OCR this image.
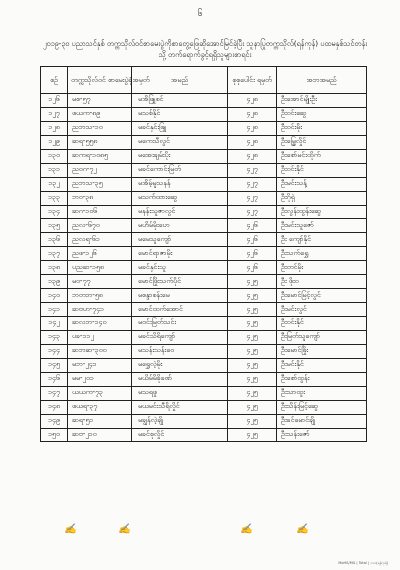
၆
၂၀၁၉-၃၀ ပညာသင်နှစ် တက္ကသိုလ်ဝင်စာမေးပွဲကိုစာတွေ့ဖြေဆိုအောင်မြင်ခဲ့ပြီး သူနာပြုတက္ကသိုလ်(ရန်ကုန်) ပထမနှစ်သင်တန်းသို့ တက်ရောက်ခွင့်ရရှိသူများစာရင်း
စဉ်	တက္ကသိုလ်ဝင် စာမေးပွဲခုံအမှတ်	အမည်	စုစုပေါင်း ရမှတ်	အဘအမည်
၁၂၆	မစ-၅၇	မအိဖြူစင်	၄၂၈	ဦးအောင်မျိုးဦး
၁၂၇	ဖယက-၈၉	မသစ်နိုင်	၄၂၈	ဦးဝင်းဆွေ
၁၂၈	ညဘသ-၁၀	မခင်နှင်းဖြူ	၄၂၈	ဦးဝင်းမိုး
၁၂၉	ဆရ-၅၅၈	မကေသီလွင်	၄၂၈	ဦးမြွှေလှိုင်
၁၃၀	ဆကရ-၁၀၈၅	မအေးချမ်းပိုး	၄၂၈	ဦးစော်မင်းထိုက်
၁၃၁	ညဝဂ-၇၂	မခင်ကောင်းမြတ်	၄၂၇	ဦးဝင်းနိုင်
၁၃၂	ညဘသ-၃၅	မအိမ့်မူသနန်	၄၂၇	ဦးမင်းသန့်
၁၃၃	ဘဝ-၃၈	မသက်ထားဆွေ	၄၂၇	ဦးဂိုရှဲ
၁၃၄	ဆဂ-၁၀၆	မနန်းသူဇာလွင်	၄၂၇	ဦးလွန်းထွန်းဆွေ
၁၃၅	ညလ-၆၇၀	မဟိမ်မိုးဟေ	၄၂၆	ဦးမင်းသူဇော်
၁၃၆	ညလရ-၆၁	မမေသူကျော်	၄၂၆	ဦး ကျော်နိုင်
၁၃၇	ညဖ-၁၂၆	မောင်ရာဇာမိုး	၄၂၆	ဦးသက်ရွှေ
၁၃၈	ပညဆ-၁၅၈	မခင်နှင်းသူ	၄၂၆	ဦးတင်မိုး
၁၃၉	မဝ-၇၇	မောင်ဖြိုးသက်ပိုင်	၄၂၅	ဦး ဖိုးဝ
၁၄၀	ဘတဘ-၅၈	မစန္ဒာစန်းမေ	၄၂၅	ဦးမောင်မြင့်လွင်
၁၄၁	ဆဗဟ-၇၄၁	မောင်ထက်အောင်	၄၂၅	ဦးမင်းလွင်
၁၄၂	ဆလဘ-၁၄၀	မဝင်းမြတ်သင်း	၄၂၅	ဦးဝင်းနိုင်
၁၄၃	ပခ-၁၁၂	မခင်သိရိကျော်	၄၂၅	ဦးမြတ်သူကျော်
၁၄၄	ဆဘဆ-၃၀၀	မသန်းသန်းဝေ	၄၂၅	ဦးမောင်ဖြိုး
၁၄၅	မဘ-၂၄၁	မရွှေလဲ့မိုး	၄၂၅	ဦးမင်းနိုင်
၁၄၆	မမ-၂၀၁	မယိမ်မိခိုခဏ်	၄၂၅	ဦးစော်ထွန်း
၁၄၇	ယယက-၇၃	မသရဖူ	၄၂၅	ဦးသာထူး
၁၄၈	ဖယရ-၃၇	မယမင်းသီရိလှိုင်	၄၂၅	ဦးသိန်းမြင့်ဆွေ
၁၄၉	ဆရ-၅၁	မချွန်လဲ့ချို	၄၂၅	ဦးခင်မောင်ချို
၁၅၀	ဆဗ-၂၁၀	မခင်စုလှိုင်	၄၂၅	ဦးသန်းဇော်
✍	✍	✍	✍
MoHS/MG | Total | ၁၁၀(ရန်ကုန်)
